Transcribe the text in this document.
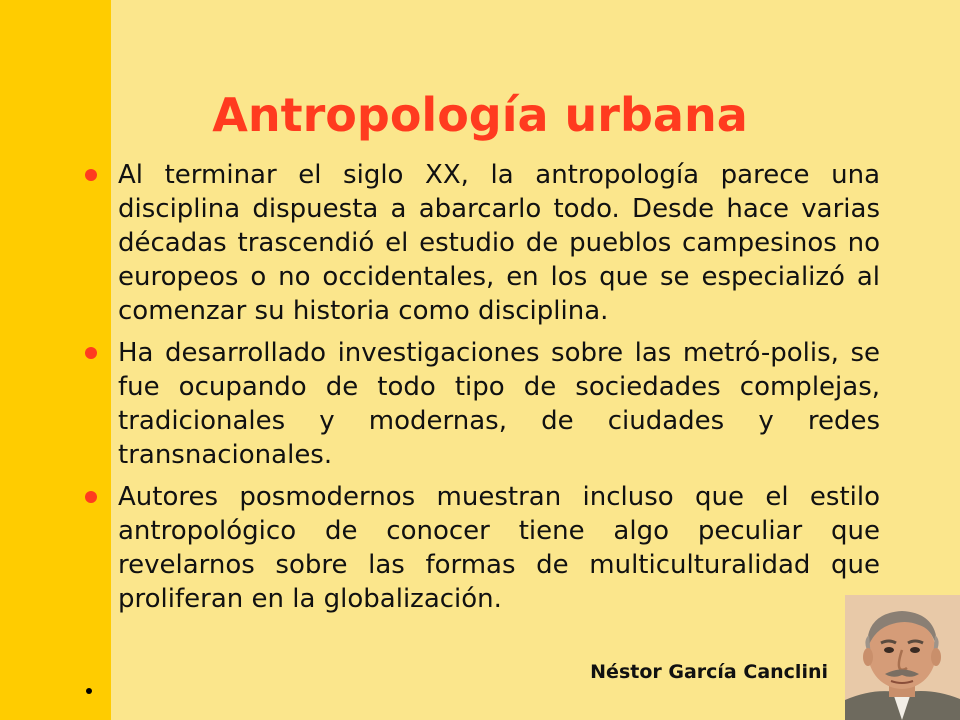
Antropología urbana
Al terminar el siglo XX, la antropología parece una disciplina dispuesta a abarcarlo todo. Desde hace varias décadas trascendió el estudio de pueblos campesinos no europeos o no occidentales, en los que se especializó al comenzar su historia como disciplina.
Ha desarrollado investigaciones sobre las metró-polis, se fue ocupando de todo tipo de sociedades complejas, tradicionales y modernas, de ciudades y redes transnacionales.
Autores posmodernos muestran incluso que el estilo antropológico de conocer tiene algo peculiar que revelarnos sobre las formas de multiculturalidad que proliferan en la globalización.
Néstor García Canclini
